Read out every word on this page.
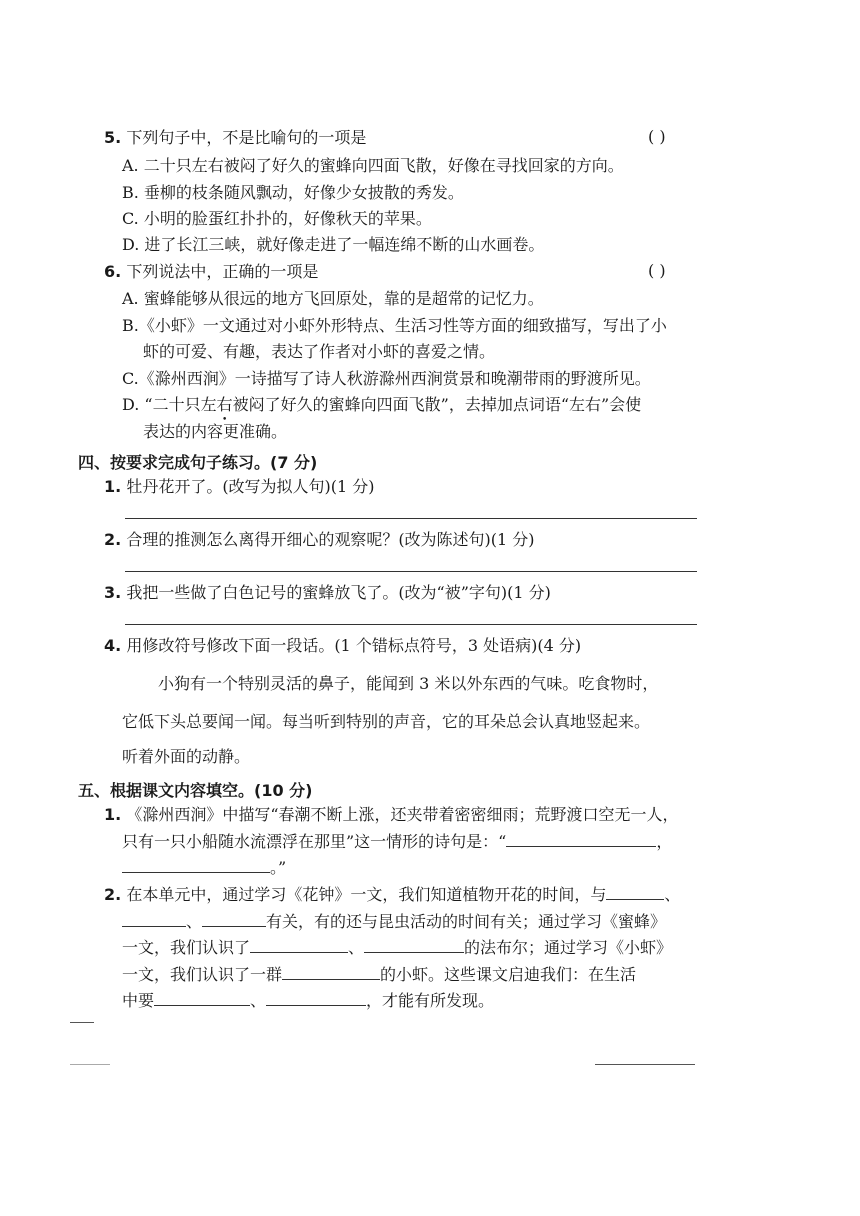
5. 下列句子中，不是比喻句的一项是	( )
A. 二十只左右被闷了好久的蜜蜂向四面飞散，好像在寻找回家的方向。
B. 垂柳的枝条随风飘动，好像少女披散的秀发。
C. 小明的脸蛋红扑扑的，好像秋天的苹果。
D. 进了长江三峡，就好像走进了一幅连绵不断的山水画卷。
6. 下列说法中，正确的一项是	( )
A. 蜜蜂能够从很远的地方飞回原处，靠的是超常的记忆力。
B.《小虾》一文通过对小虾外形特点、生活习性等方面的细致描写，写出了小
虾的可爱、有趣，表达了作者对小虾的喜爱之情。
C.《滁州西涧》一诗描写了诗人秋游滁州西涧赏景和晚潮带雨的野渡所见。
D. “二十只左右被闷了好久的蜜蜂向四面飞散”，去掉加点词语“左右”会使
表达的内容更准确。
四、按要求完成句子练习。(7 分)
1. 牡丹花开了。(改写为拟人句)(1 分)
2. 合理的推测怎么离得开细心的观察呢？(改为陈述句)(1 分)
3. 我把一些做了白色记号的蜜蜂放飞了。(改为“被”字句)(1 分)
4. 用修改符号修改下面一段话。(1 个错标点符号，3 处语病)(4 分)
小狗有一个特别灵活的鼻子，能闻到 3 米以外东西的气味。吃食物时，
它低下头总要闻一闻。每当听到特别的声音，它的耳朵总会认真地竖起来。
听着外面的动静。
五、根据课文内容填空。(10 分)
1. 《滁州西涧》中描写“春潮不断上涨，还夹带着密密细雨；荒野渡口空无一人，
只有一只小船随水流漂浮在那里”这一情形的诗句是：“	，
。”
2. 在本单元中，通过学习《花钟》一文，我们知道植物开花的时间，与	、
、	有关，有的还与昆虫活动的时间有关；通过学习《蜜蜂》
一文，我们认识了	、	的法布尔；通过学习《小虾》
一文，我们认识了一群	的小虾。这些课文启迪我们：在生活
中要	、	，才能有所发现。
